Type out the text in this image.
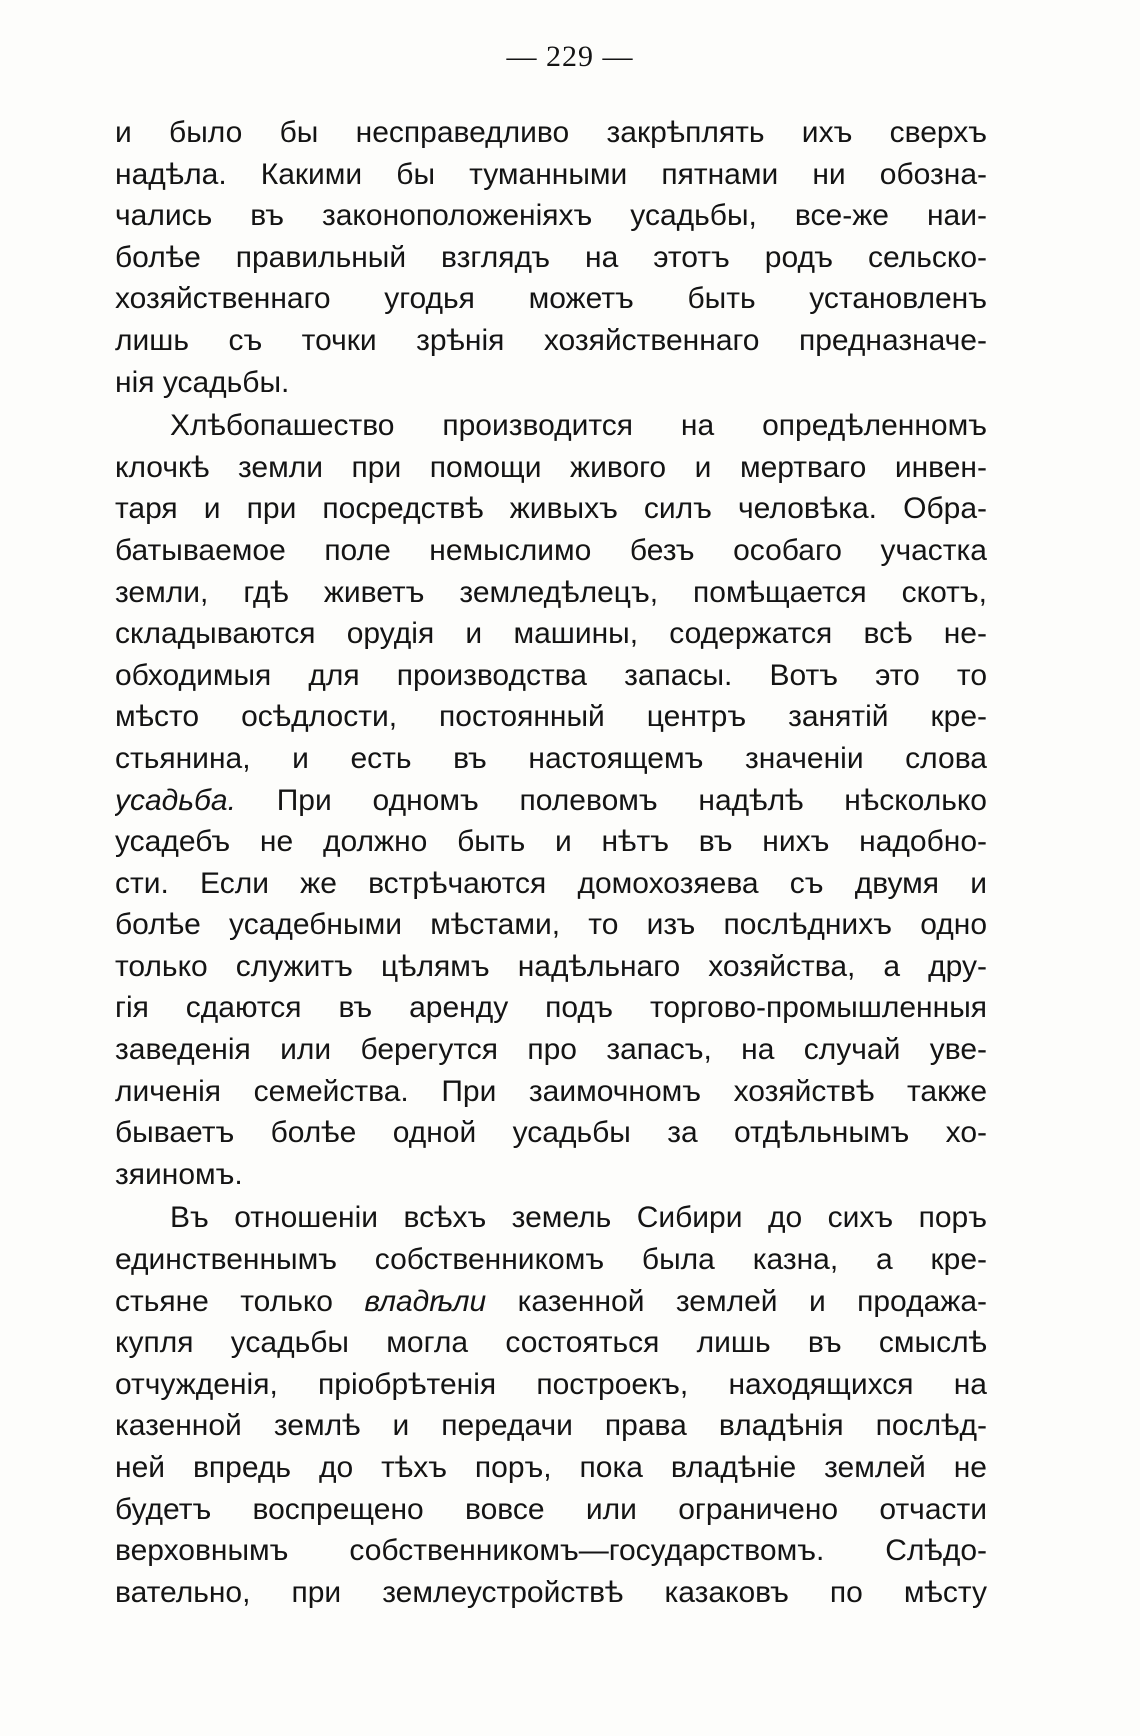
— 229 —
и было бы несправедливо закрѣплять ихъ сверхъ
надѣла. Какими бы туманными пятнами ни обозна-
чались въ законоположеніяхъ усадьбы, все-же наи-
болѣе правильный взглядъ на этотъ родъ сельско-
хозяйственнаго угодья можетъ быть установленъ
лишь съ точки зрѣнія хозяйственнаго предназначе-
нія усадьбы.
Хлѣбопашество производится на опредѣленномъ
клочкѣ земли при помощи живого и мертваго инвен-
таря и при посредствѣ живыхъ силъ человѣка. Обра-
батываемое поле немыслимо безъ особаго участка
земли, гдѣ живетъ земледѣлецъ, помѣщается скотъ,
складываются орудія и машины, содержатся всѣ не-
обходимыя для производства запасы. Вотъ это то
мѣсто осѣдлости, постоянный центръ занятій кре-
стьянина, и есть въ настоящемъ значеніи слова
усадьба. При одномъ полевомъ надѣлѣ нѣсколько
усадебъ не должно быть и нѣтъ въ нихъ надобно-
сти. Если же встрѣчаются домохозяева съ двумя и
болѣе усадебными мѣстами, то изъ послѣднихъ одно
только служитъ цѣлямъ надѣльнаго хозяйства, а дру-
гія сдаются въ аренду подъ торгово-промышленныя
заведенія или берегутся про запасъ, на случай уве-
личенія семейства. При заимочномъ хозяйствѣ также
бываетъ болѣе одной усадьбы за отдѣльнымъ хо-
зяиномъ.
Въ отношеніи всѣхъ земель Сибири до сихъ поръ
единственнымъ собственникомъ была казна, а кре-
стьяне только владѣли казенной землей и продажа-
купля усадьбы могла состояться лишь въ смыслѣ
отчужденія, пріобрѣтенія построекъ, находящихся на
казенной землѣ и передачи права владѣнія послѣд-
ней впредь до тѣхъ поръ, пока владѣніе землей не
будетъ воспрещено вовсе или ограничено отчасти
верховнымъ собственникомъ—государствомъ. Слѣдо-
вательно, при землеустройствѣ казаковъ по мѣсту
